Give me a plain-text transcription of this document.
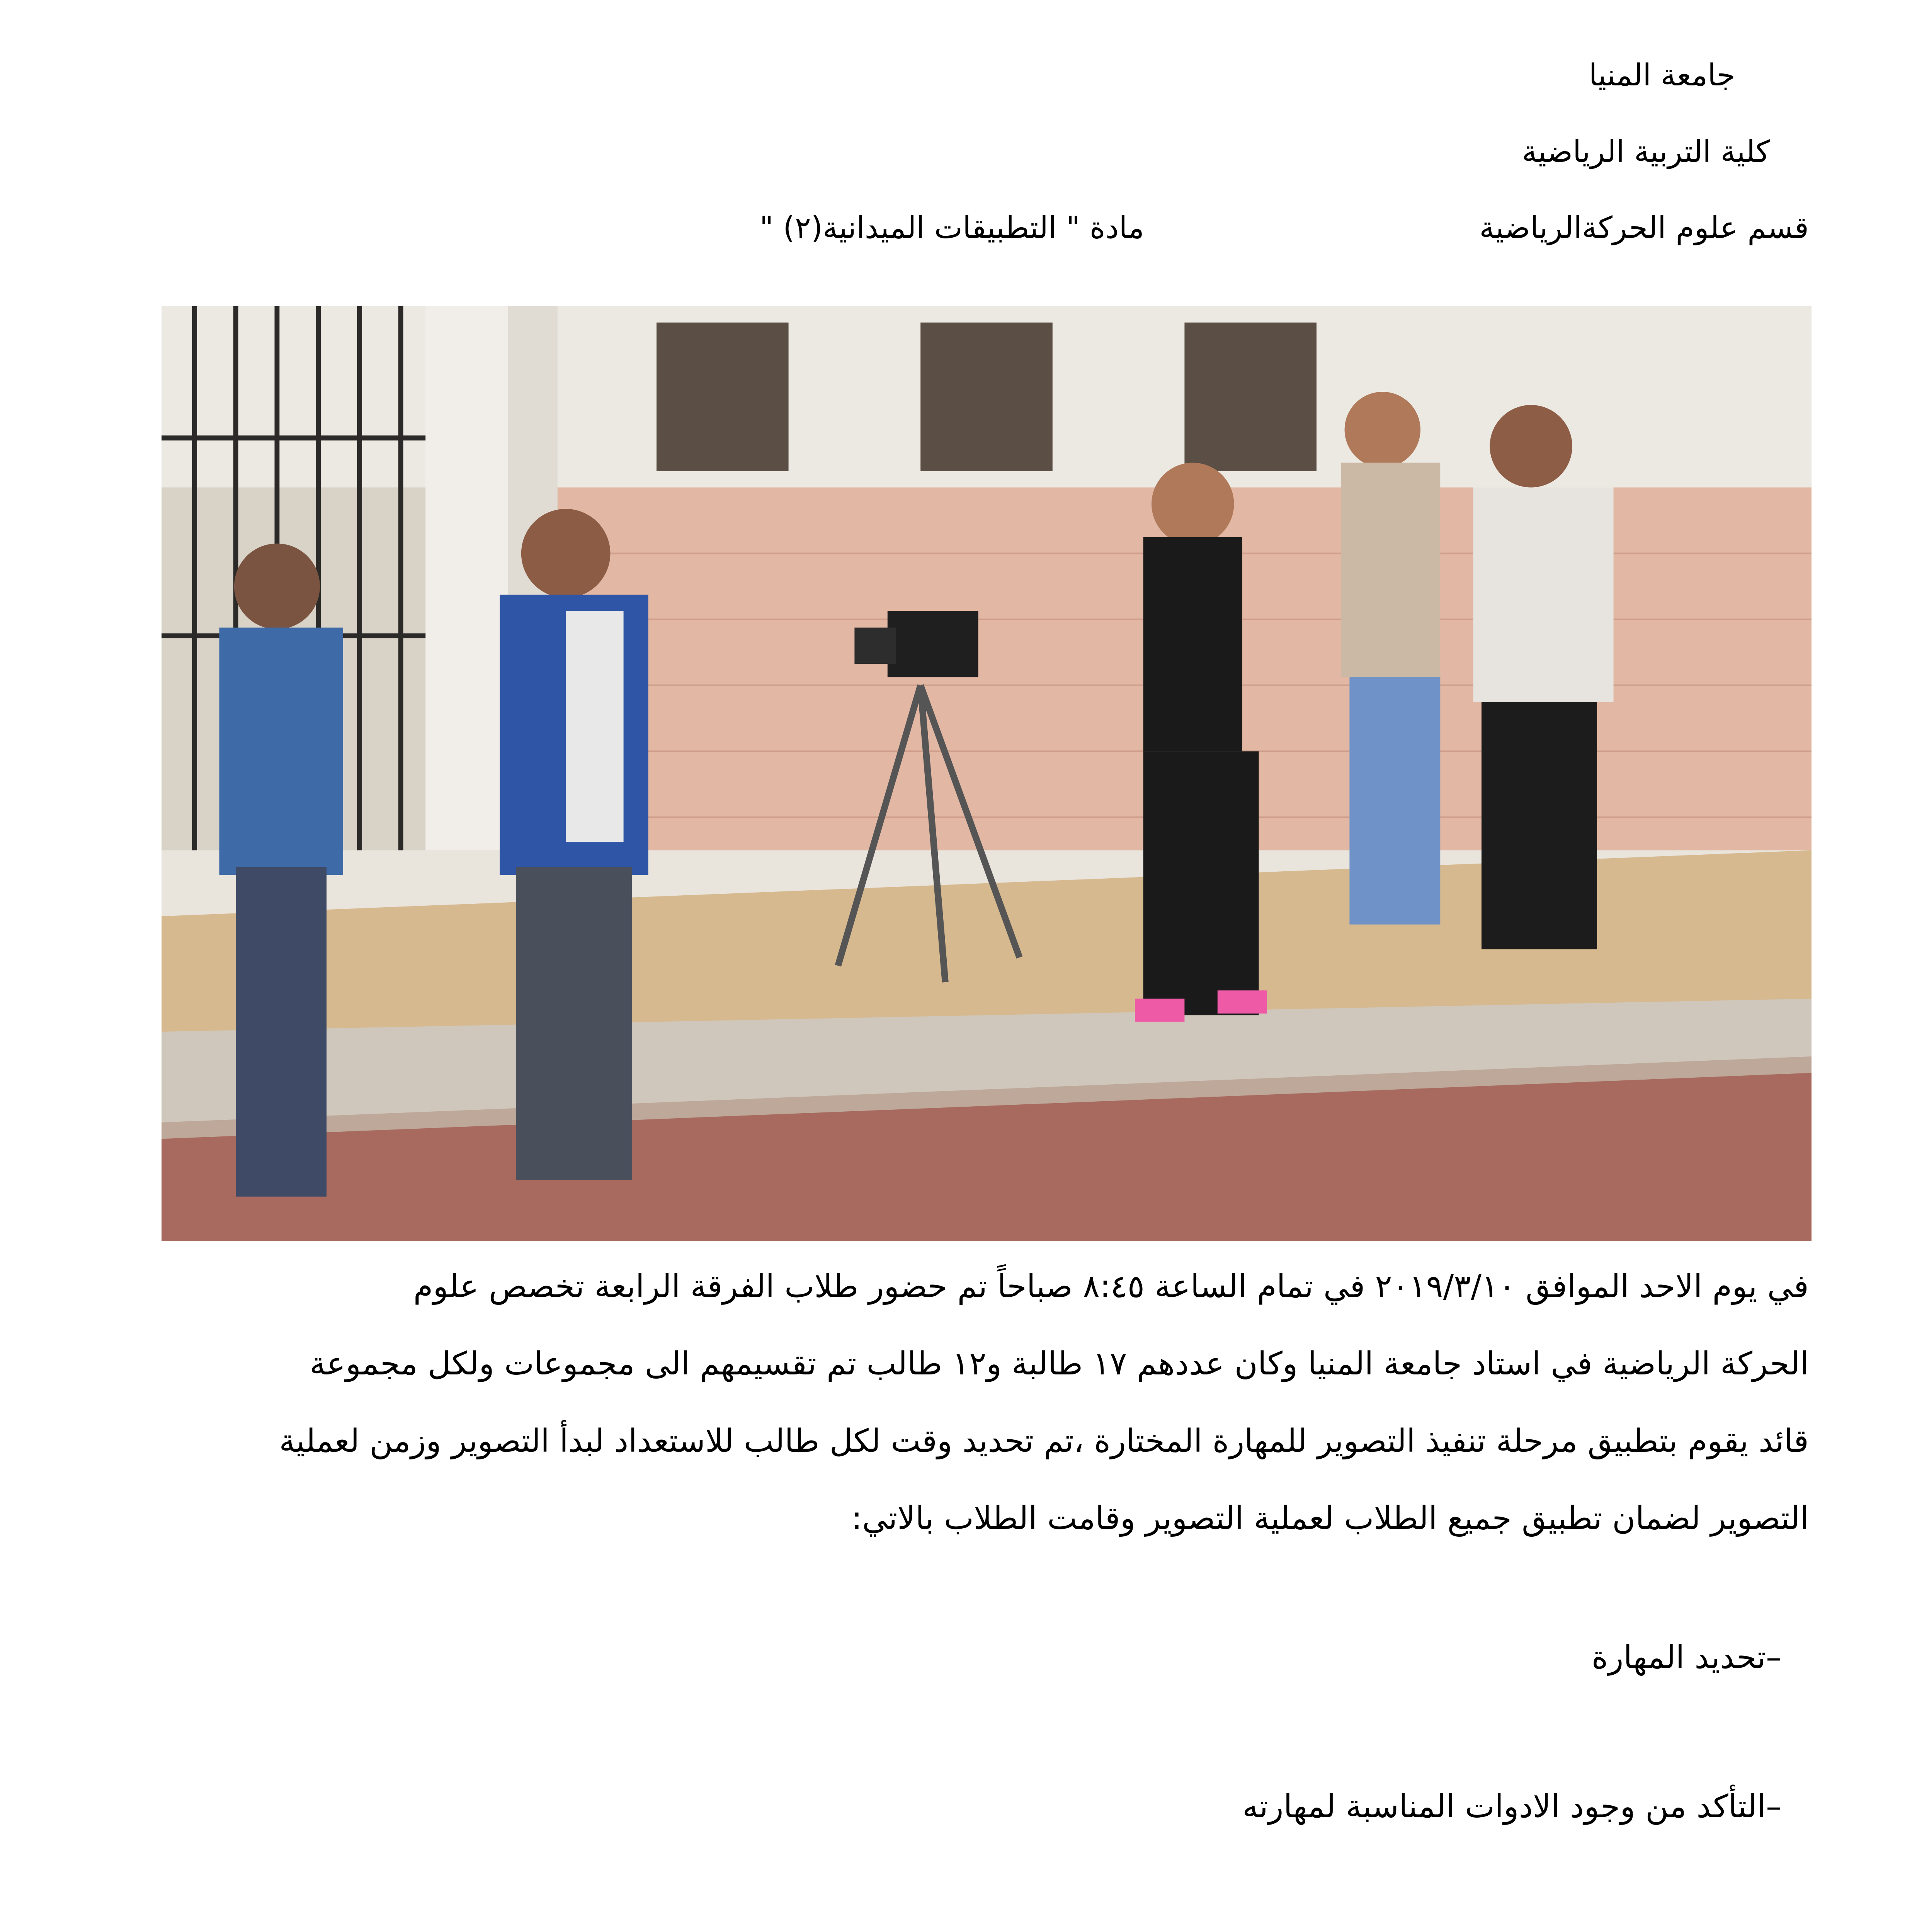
جامعة المنيا
كلية التربية الرياضية
قسم علوم الحركةالرياضية
مادة " التطبيقات الميدانية(٢) "

في يوم الاحد الموافق ٢٠١٩/٣/١٠ في تمام الساعة ٨:٤٥ صباحاً تم حضور طلاب الفرقة الرابعة تخصص علوم

الحركة الرياضية في استاد جامعة المنيا وكان عددهم ١٧ طالبة و١٢ طالب تم تقسيمهم الى مجموعات ولكل مجموعة

قائد يقوم بتطبيق مرحلة تنفيذ التصوير للمهارة المختارة ،تم تحديد وقت لكل طالب للاستعداد لبدأ التصوير وزمن لعملية

التصوير لضمان تطبيق جميع الطلاب لعملية التصوير وقامت الطلاب بالاتي:

–تحديد المهارة
–التأكد من وجود الادوات المناسبة لمهارته
